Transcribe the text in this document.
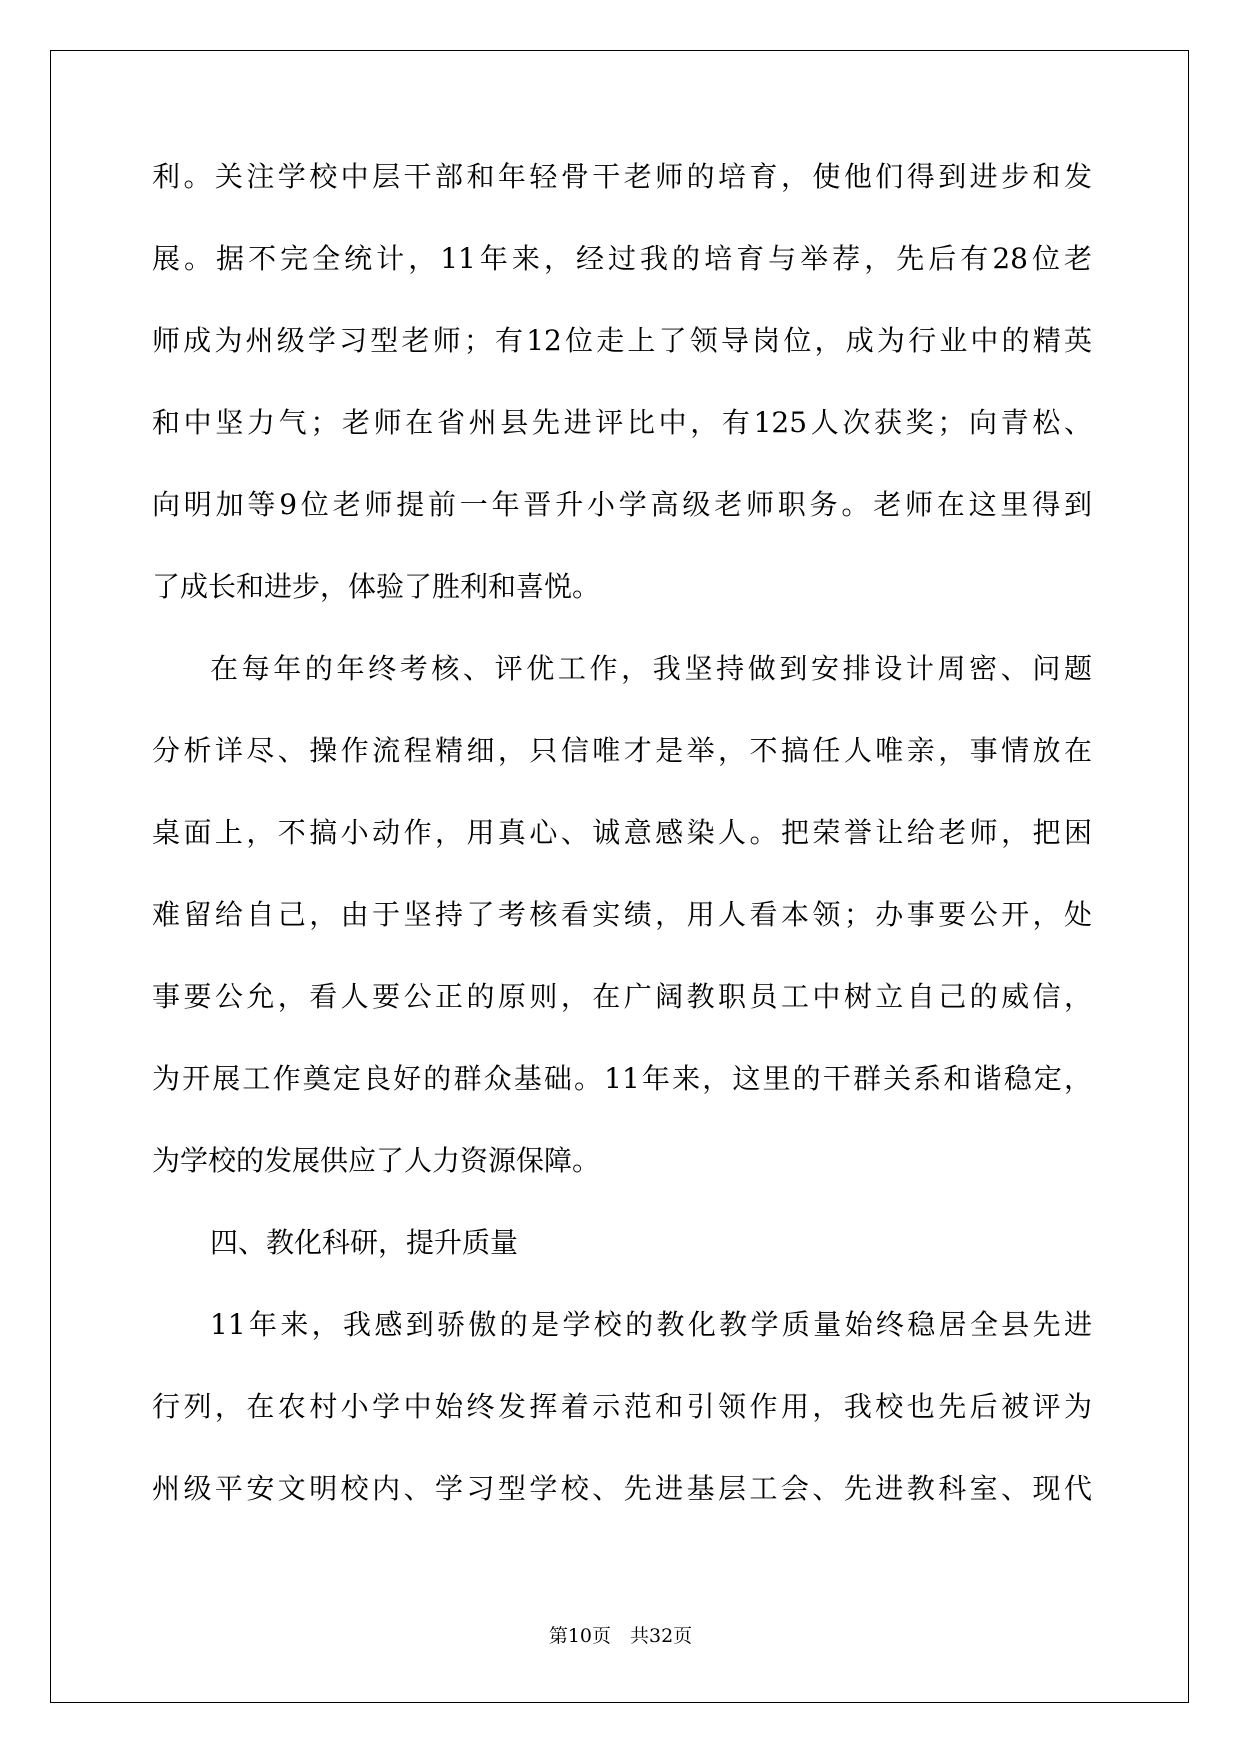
利。关注学校中层干部和年轻骨干老师的培育，使他们得到进步和发
展。据不完全统计，11年来，经过我的培育与举荐，先后有28位老
师成为州级学习型老师；有12位走上了领导岗位，成为行业中的精英
和中坚力气；老师在省州县先进评比中，有125人次获奖；向青松、
向明加等9位老师提前一年晋升小学高级老师职务。老师在这里得到
了成长和进步，体验了胜利和喜悦。
在每年的年终考核、评优工作，我坚持做到安排设计周密、问题
分析详尽、操作流程精细，只信唯才是举，不搞任人唯亲，事情放在
桌面上，不搞小动作，用真心、诚意感染人。把荣誉让给老师，把困
难留给自己，由于坚持了考核看实绩，用人看本领；办事要公开，处
事要公允，看人要公正的原则，在广阔教职员工中树立自己的威信，
为开展工作奠定良好的群众基础。11年来，这里的干群关系和谐稳定，
为学校的发展供应了人力资源保障。
四、教化科研，提升质量
11年来，我感到骄傲的是学校的教化教学质量始终稳居全县先进
行列，在农村小学中始终发挥着示范和引领作用，我校也先后被评为
州级平安文明校内、学习型学校、先进基层工会、先进教科室、现代
第10页　共32页
